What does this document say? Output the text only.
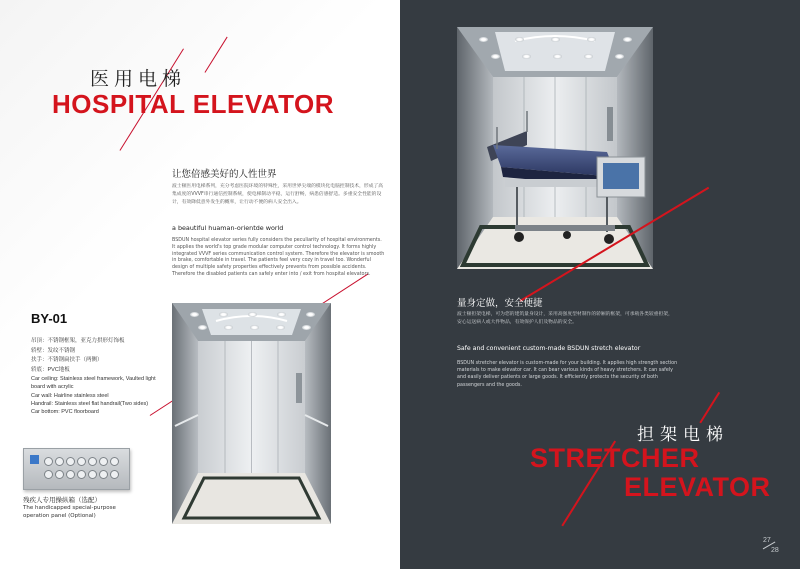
医用电梯
HOSPITAL ELEVATOR
让您倍感美好的人性世界
波士顿医用电梯系列，充分考虑医院环境的特殊性，采用世界尖端的模块化电脑控制技术，形成了高集成度的VVVF串行通信控制系统，使电梯制动平稳，运行舒畅，病患倍感舒适。多重安全性能的设计，有效降低意外发生的概率，让行动不便的病人安全出入。
a beautiful huaman-orientde world
BSDUN hospital elevator series fully considers the peculiarity of hospital environments. It applies the world's top grade modular computer control technology. It forms highly integrated VVVF series communication control system. Therefore the elevator is smooth in brake, comfortable in travel. The patients feel very cozy in travel too. Wonderful design of multiple safety properties effectively prevents from possible accidents. Therefore the disabled patients can safely enter into / exit from hospital elevators.
BY-01
吊顶：不锈钢框架，亚克力拱形灯饰板
轿壁：发纹不锈钢
扶手：不锈钢扁扶手（两侧）
轿底：PVC地板
Car ceiling: Stainless steel framework, Vaulted light board with acrylic
Car wall: Hairline stainless steel
Handrail: Stainless steel flat handrail(Two sides)
Car bottom: PVC floorboard
残疾人专用操纵箱（选配）
The handicapped special-purpose operation panel (Optional)
量身定做，安全便捷
波士顿担架电梯，可为您的建筑量身设计，采用高强度型材制作的轿厢的框架，可承载各类较重担架，安心运送病人或大件物品，有效保护人们及物品的安全。
Safe and convenient custom-made BSDUN stretch elevator
BSDUN stretcher elevator is custom-made for your building. It applies high strength section materials to make elevator car. It can bear various kinds of heavy stretchers. It can safely and easily deliver patients or large goods. It efficiently protects the security of both passengers and the goods.
担架电梯
STRETCHER
ELEVATOR
27
28
